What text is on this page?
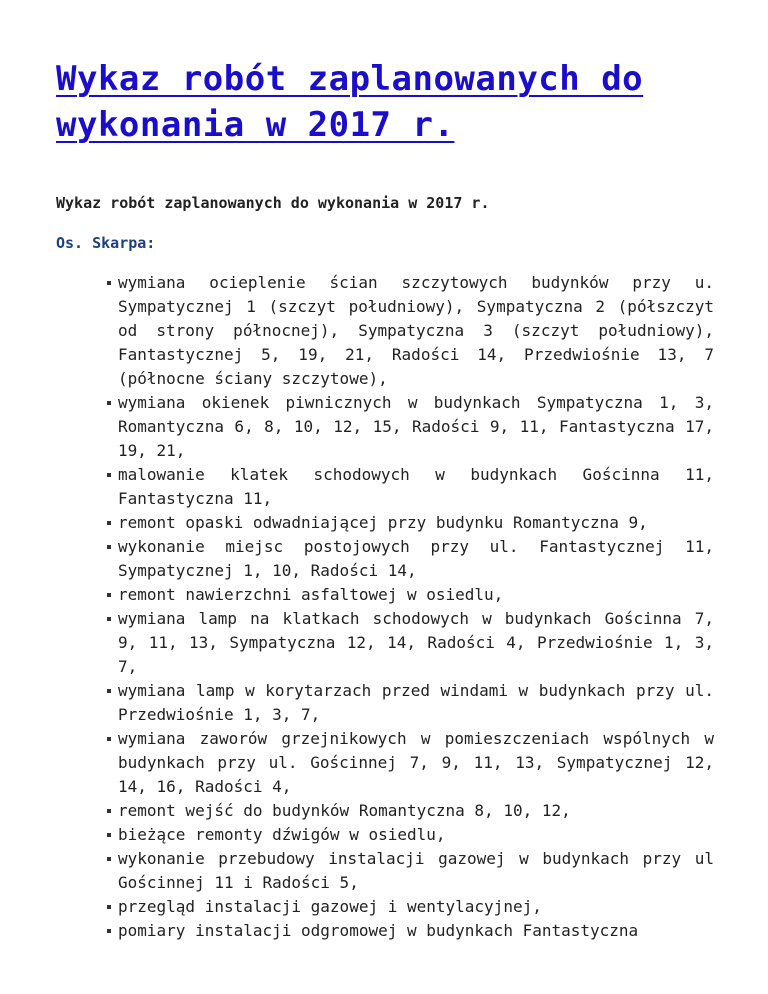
Wykaz robót zaplanowanych do wykonania w 2017 r.
Wykaz robót zaplanowanych do wykonania w 2017 r.
Os. Skarpa:
wymiana ocieplenie ścian szczytowych budynków przy u. Sympatycznej 1 (szczyt południowy), Sympatyczna 2 (półszczyt od strony północnej), Sympatyczna 3 (szczyt południowy), Fantastycznej 5, 19, 21, Radości 14, Przedwiośnie 13, 7 (północne ściany szczytowe),
wymiana okienek piwnicznych w budynkach Sympatyczna 1, 3, Romantyczna 6, 8, 10, 12, 15, Radości 9, 11, Fantastyczna 17, 19, 21,
malowanie klatek schodowych w budynkach Gościnna 11, Fantastyczna 11,
remont opaski odwadniającej przy budynku Romantyczna 9,
wykonanie miejsc postojowych przy ul. Fantastycznej 11, Sympatycznej 1, 10, Radości 14,
remont nawierzchni asfaltowej w osiedlu,
wymiana lamp na klatkach schodowych w budynkach Gościnna 7, 9, 11, 13, Sympatyczna 12, 14, Radości 4, Przedwiośnie 1, 3, 7,
wymiana lamp w korytarzach przed windami w budynkach przy ul. Przedwiośnie 1, 3, 7,
wymiana zaworów grzejnikowych w pomieszczeniach wspólnych w budynkach przy ul. Gościnnej 7, 9, 11, 13, Sympatycznej 12, 14, 16, Radości 4,
remont wejść do budynków Romantyczna 8, 10, 12,
bieżące remonty dźwigów w osiedlu,
wykonanie przebudowy instalacji gazowej w budynkach przy ul Gościnnej 11 i Radości 5,
przegląd instalacji gazowej i wentylacyjnej,
pomiary instalacji odgromowej w budynkach Fantastyczna
